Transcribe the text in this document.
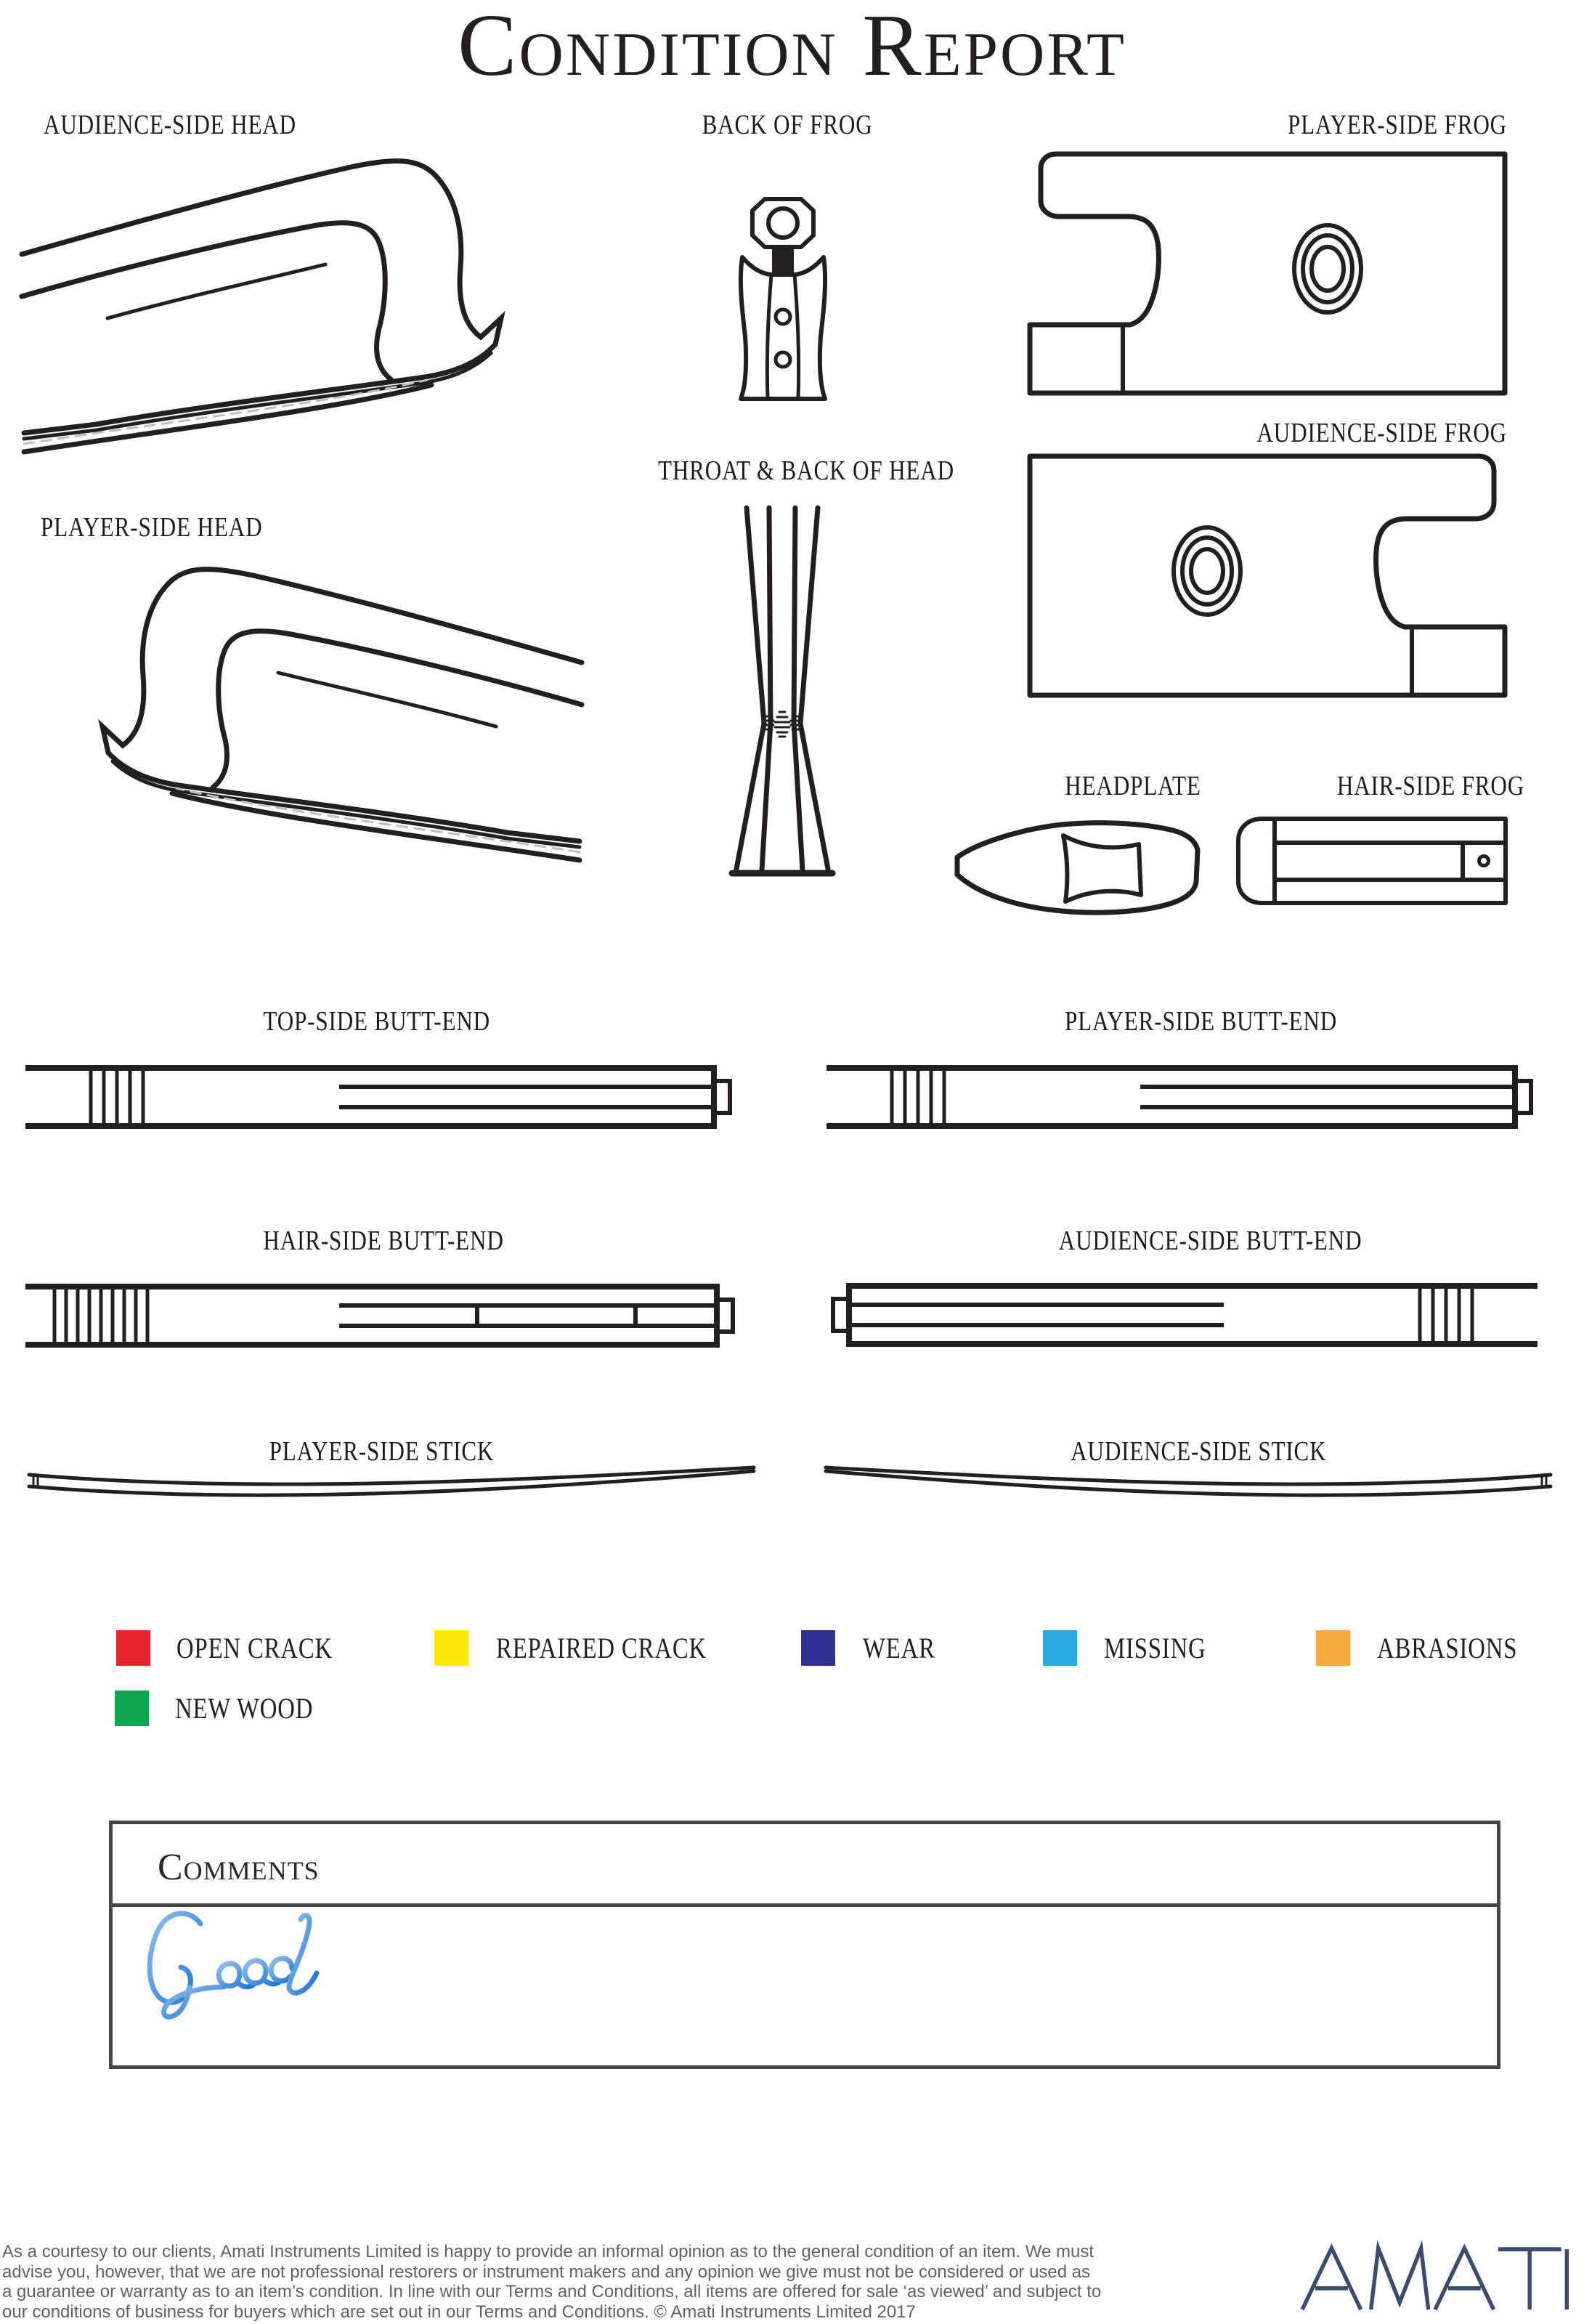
Condition Report
AUDIENCE-SIDE HEAD	BACK OF FROG	PLAYER-SIDE FROG
AUDIENCE-SIDE FROG
PLAYER-SIDE HEAD
THROAT & BACK OF HEAD
HEADPLATE	HAIR-SIDE FROG
TOP-SIDE BUTT-END	PLAYER-SIDE BUTT-END
HAIR-SIDE BUTT-END	AUDIENCE-SIDE BUTT-END
PLAYER-SIDE STICK	AUDIENCE-SIDE STICK
OPEN CRACK	REPAIRED CRACK	WEAR	MISSING	ABRASIONS
NEW WOOD
Comments
As a courtesy to our clients, Amati Instruments Limited is happy to provide an informal opinion as to the general condition of an item. We must
advise you, however, that we are not professional restorers or instrument makers and any opinion we give must not be considered or used as
a guarantee or warranty as to an item’s condition. In line with our Terms and Conditions, all items are offered for sale ‘as viewed’ and subject to
our conditions of business for buyers which are set out in our Terms and Conditions. © Amati Instruments Limited 2017
